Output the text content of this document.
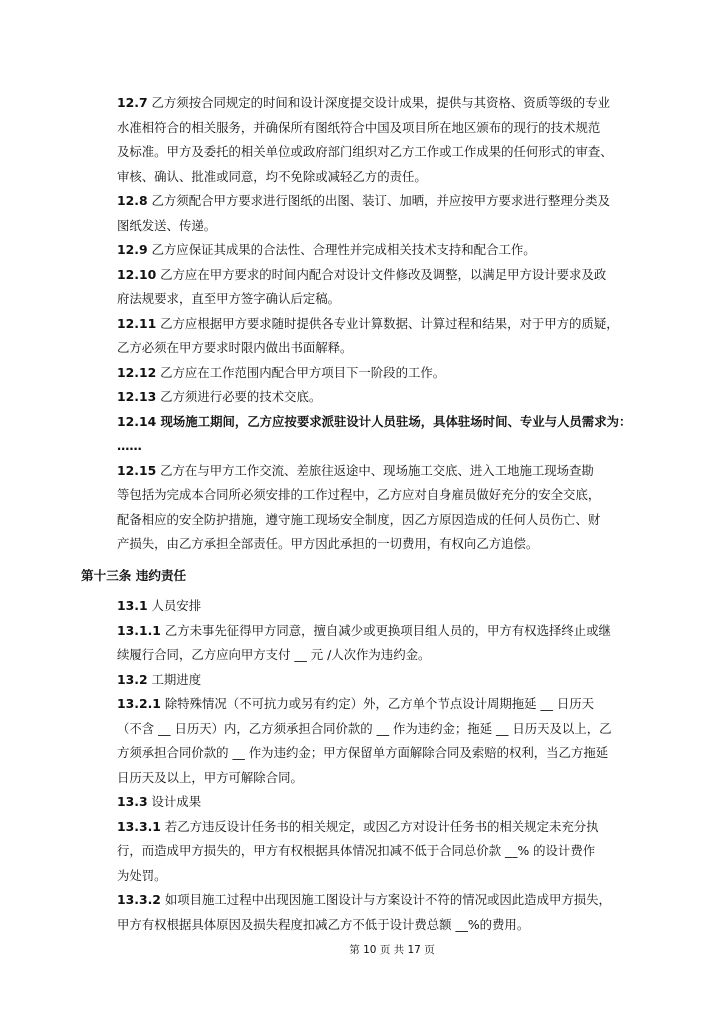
12.7 乙方须按合同规定的时间和设计深度提交设计成果，提供与其资格、资质等级的专业

水准相符合的相关服务，并确保所有图纸符合中国及项目所在地区颁布的现行的技术规范

及标准。甲方及委托的相关单位或政府部门组织对乙方工作或工作成果的任何形式的审查、

审核、确认、批准或同意，均不免除或减轻乙方的责任。

12.8 乙方须配合甲方要求进行图纸的出图、装订、加晒，并应按甲方要求进行整理分类及

图纸发送、传递。

12.9 乙方应保证其成果的合法性、合理性并完成相关技术支持和配合工作。

12.10 乙方应在甲方要求的时间内配合对设计文件修改及调整，以满足甲方设计要求及政

府法规要求，直至甲方签字确认后定稿。

12.11 乙方应根据甲方要求随时提供各专业计算数据、计算过程和结果，对于甲方的质疑，

乙方必须在甲方要求时限内做出书面解释。

12.12 乙方应在工作范围内配合甲方项目下一阶段的工作。

12.13 乙方须进行必要的技术交底。

12.14 现场施工期间，乙方应按要求派驻设计人员驻场，具体驻场时间、专业与人员需求为：

……

12.15 乙方在与甲方工作交流、差旅往返途中、现场施工交底、进入工地施工现场查勘

等包括为完成本合同所必须安排的工作过程中，乙方应对自身雇员做好充分的安全交底，

配备相应的安全防护措施，遵守施工现场安全制度，因乙方原因造成的任何人员伤亡、财

产损失，由乙方承担全部责任。甲方因此承担的一切费用，有权向乙方追偿。

第十三条 违约责任

13.1 人员安排

13.1.1 乙方未事先征得甲方同意，擅自减少或更换项目组人员的，甲方有权选择终止或继

续履行合同，乙方应向甲方支付 __ 元 /人次作为违约金。

13.2 工期进度

13.2.1 除特殊情况（不可抗力或另有约定）外，乙方单个节点设计周期拖延 __ 日历天

（不含 __ 日历天）内，乙方须承担合同价款的 __ 作为违约金；拖延 __ 日历天及以上，乙

方须承担合同价款的 __ 作为违约金；甲方保留单方面解除合同及索赔的权利，当乙方拖延

日历天及以上，甲方可解除合同。

13.3 设计成果

13.3.1 若乙方违反设计任务书的相关规定，或因乙方对设计任务书的相关规定未充分执

行，而造成甲方损失的，甲方有权根据具体情况扣减不低于合同总价款 __% 的设计费作

为处罚。

13.3.2 如项目施工过程中出现因施工图设计与方案设计不符的情况或因此造成甲方损失，

甲方有权根据具体原因及损失程度扣减乙方不低于设计费总额 __%的费用。

第 10 页 共 17 页
